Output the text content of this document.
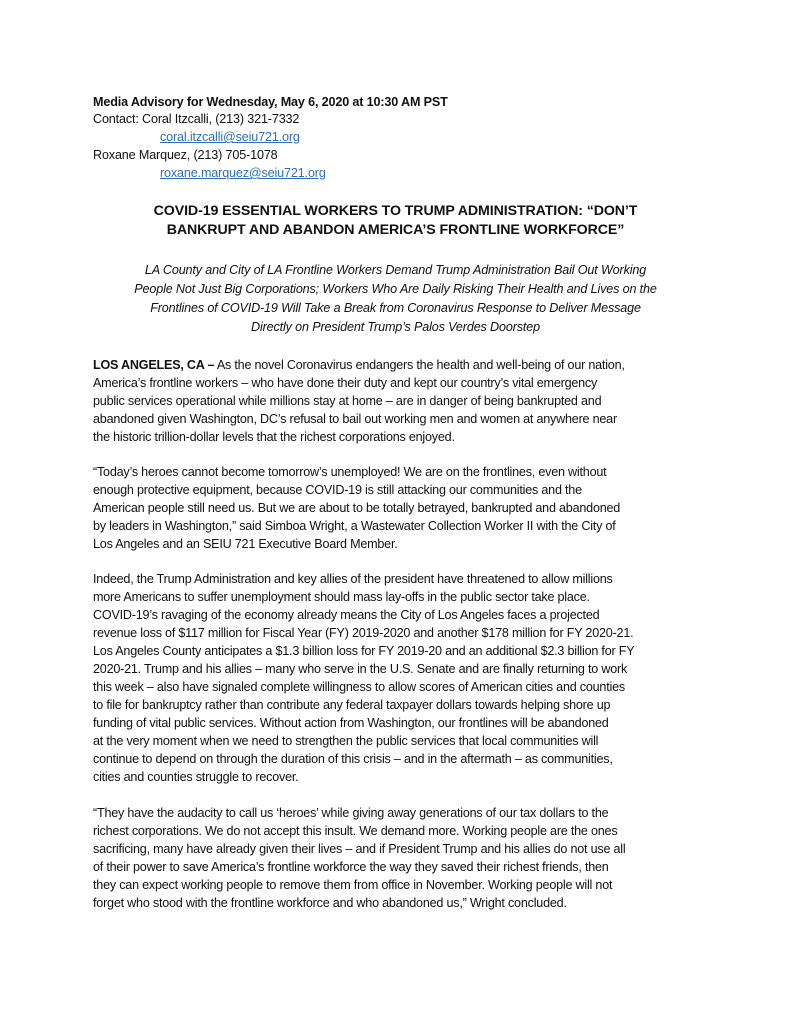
Media Advisory for Wednesday, May 6, 2020 at 10:30 AM PST
Contact: Coral Itzcalli, (213) 321-7332
coral.itzcalli@seiu721.org
Roxane Marquez, (213) 705-1078
roxane.marquez@seiu721.org
COVID-19 ESSENTIAL WORKERS TO TRUMP ADMINISTRATION: “DON’T
BANKRUPT AND ABANDON AMERICA’S FRONTLINE WORKFORCE”
LA County and City of LA Frontline Workers Demand Trump Administration Bail Out Working
People Not Just Big Corporations; Workers Who Are Daily Risking Their Health and Lives on the
Frontlines of COVID-19 Will Take a Break from Coronavirus Response to Deliver Message
Directly on President Trump’s Palos Verdes Doorstep
LOS ANGELES, CA – As the novel Coronavirus endangers the health and well-being of our nation,
America’s frontline workers – who have done their duty and kept our country’s vital emergency
public services operational while millions stay at home – are in danger of being bankrupted and
abandoned given Washington, DC’s refusal to bail out working men and women at anywhere near
the historic trillion-dollar levels that the richest corporations enjoyed.
“Today’s heroes cannot become tomorrow’s unemployed! We are on the frontlines, even without
enough protective equipment, because COVID-19 is still attacking our communities and the
American people still need us. But we are about to be totally betrayed, bankrupted and abandoned
by leaders in Washington,” said Simboa Wright, a Wastewater Collection Worker II with the City of
Los Angeles and an SEIU 721 Executive Board Member.
Indeed, the Trump Administration and key allies of the president have threatened to allow millions
more Americans to suffer unemployment should mass lay-offs in the public sector take place.
COVID-19’s ravaging of the economy already means the City of Los Angeles faces a projected
revenue loss of $117 million for Fiscal Year (FY) 2019-2020 and another $178 million for FY 2020-21.
Los Angeles County anticipates a $1.3 billion loss for FY 2019-20 and an additional $2.3 billion for FY
2020-21. Trump and his allies – many who serve in the U.S. Senate and are finally returning to work
this week – also have signaled complete willingness to allow scores of American cities and counties
to file for bankruptcy rather than contribute any federal taxpayer dollars towards helping shore up
funding of vital public services. Without action from Washington, our frontlines will be abandoned
at the very moment when we need to strengthen the public services that local communities will
continue to depend on through the duration of this crisis – and in the aftermath – as communities,
cities and counties struggle to recover.
“They have the audacity to call us ‘heroes’ while giving away generations of our tax dollars to the
richest corporations. We do not accept this insult. We demand more. Working people are the ones
sacrificing, many have already given their lives – and if President Trump and his allies do not use all
of their power to save America’s frontline workforce the way they saved their richest friends, then
they can expect working people to remove them from office in November. Working people will not
forget who stood with the frontline workforce and who abandoned us,” Wright concluded.
